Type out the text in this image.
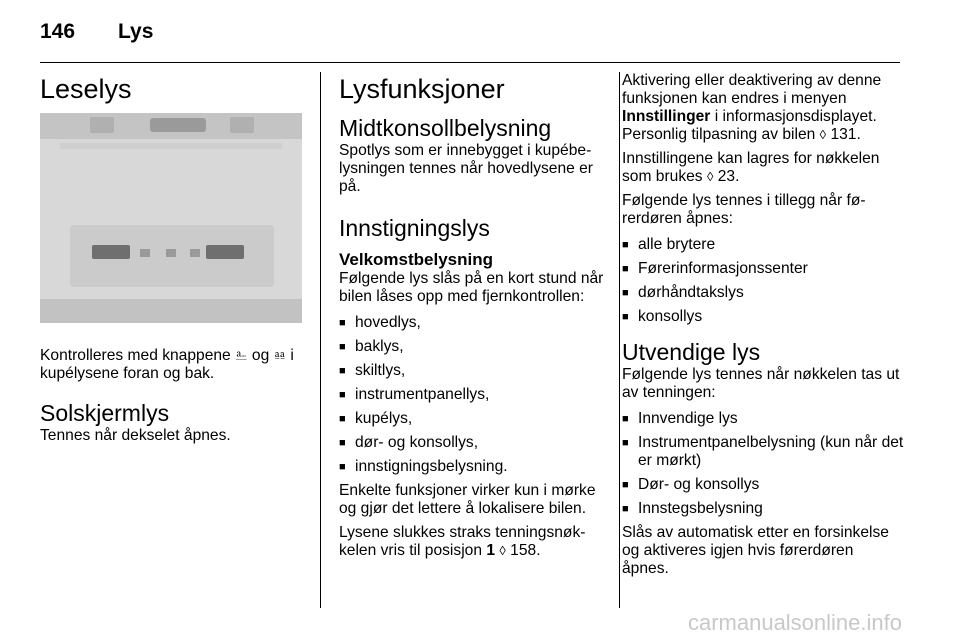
146 Lys
Leselys

Kontrolleres med knappene ⎁ og ⎂ i kupélysene foran og bak.

Solskjermlys

Tennes når dekselet åpnes.

Lysfunksjoner
Midtkonsollbelysning

Spotlys som er innebygget i kupébelysningen tennes når hovedlysene er på.

Innstigningslys
Velkomstbelysning

Følgende lys slås på en kort stund når bilen låses opp med fjernkontrollen:

■ hovedlys,
■ baklys,
■ skiltlys,
■ instrumentpanellys,
■ kupélys,
■ dør- og konsollys,
■ innstigningsbelysning.

Enkelte funksjoner virker kun i mørke og gjør det lettere å lokalisere bilen.

Lysene slukkes straks tenningsnøkkelen vris til posisjon 1 ◊ 158.

Aktivering eller deaktivering av denne funksjonen kan endres i menyen Innstillinger i informasjonsdisplayet. Personlig tilpasning av bilen ◊ 131.

Innstillingene kan lagres for nøkkelen som brukes ◊ 23.

Følgende lys tennes i tillegg når førerdøren åpnes:

■ alle brytere
■ Førerinformasjonssenter
■ dørhåndtakslys
■ konsollys
Utvendige lys

Følgende lys tennes når nøkkelen tas ut av tenningen:

■ Innvendige lys
■ Instrumentpanelbelysning (kun når det er mørkt)
■ Dør- og konsollys
■ Innstegsbelysning

Slås av automatisk etter en forsinkelse og aktiveres igjen hvis førerdøren åpnes.

carmanualsonline.info
